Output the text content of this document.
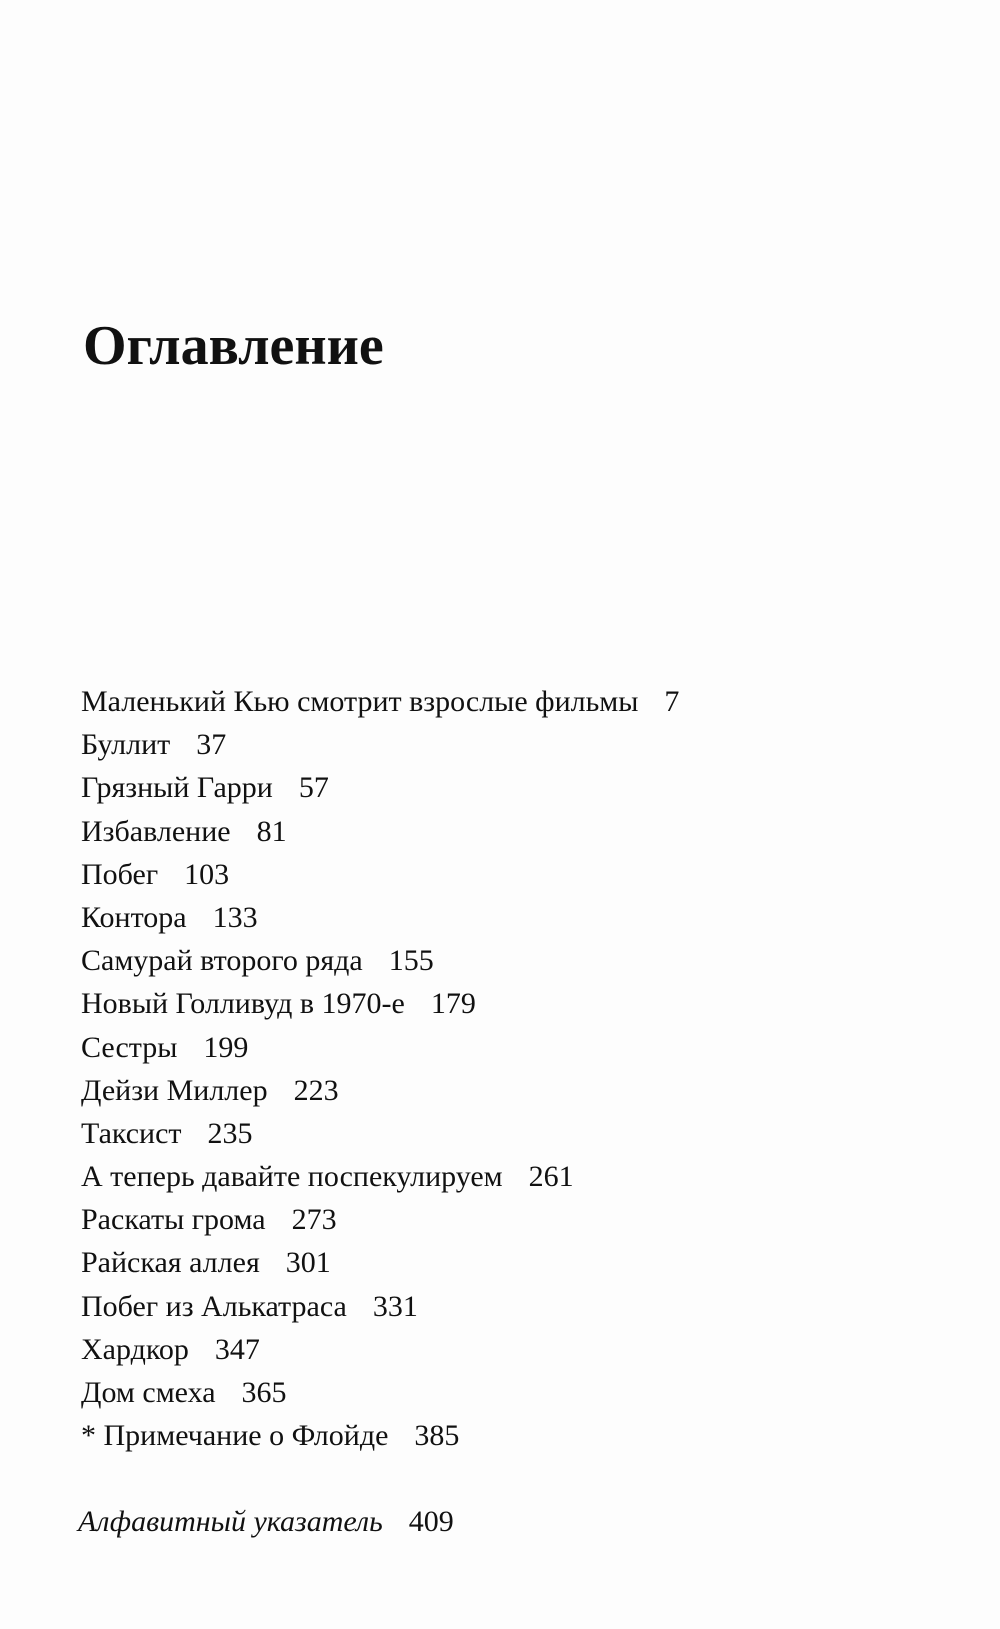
Оглавление
Маленький Кью смотрит взрослые фильмы 7
Буллит 37
Грязный Гарри 57
Избавление 81
Побег 103
Контора 133
Самурай второго ряда 155
Новый Голливуд в 1970-е 179
Сестры 199
Дейзи Миллер 223
Таксист 235
А теперь давайте поспекулируем 261
Раскаты грома 273
Райская аллея 301
Побег из Алькатраса 331
Хардкор 347
Дом смеха 365
* Примечание о Флойде 385
Алфавитный указатель 409
